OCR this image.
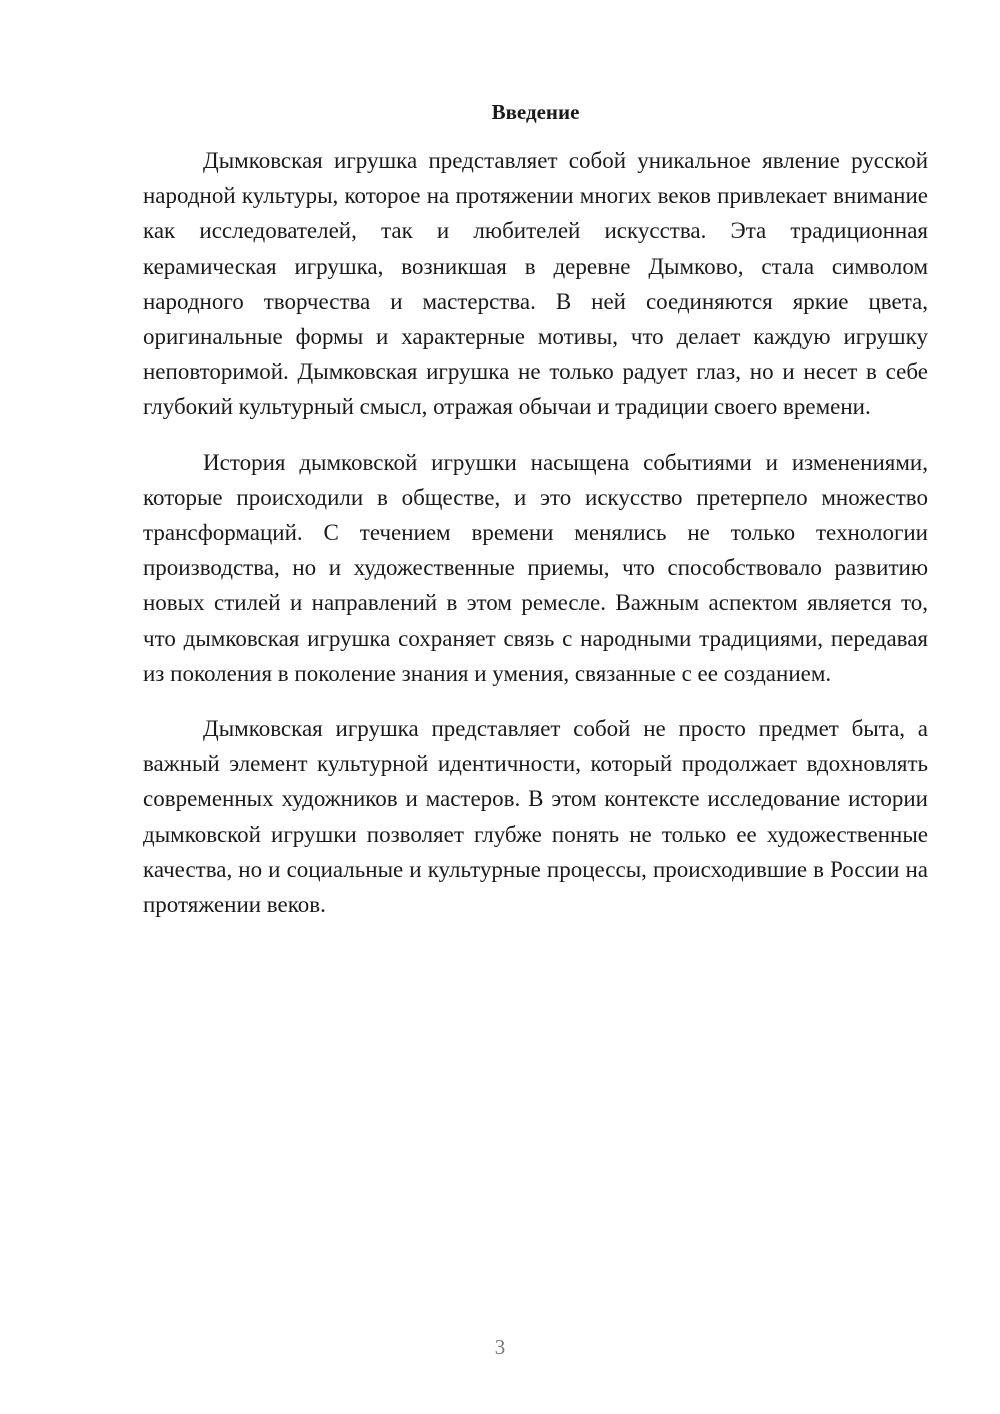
Введение

Дымковская игрушка представляет собой уникальное явление русской народной культуры, которое на протяжении многих веков привлекает внимание как исследователей, так и любителей искусства. Эта традиционная керамическая игрушка, возникшая в деревне Дымково, стала символом народного творчества и мастерства. В ней соединяются яркие цвета, оригинальные формы и характерные мотивы, что делает каждую игрушку неповторимой. Дымковская игрушка не только радует глаз, но и несет в себе глубокий культурный смысл, отражая обычаи и традиции своего времени.

История дымковской игрушки насыщена событиями и изменениями, которые происходили в обществе, и это искусство претерпело множество трансформаций. С течением времени менялись не только технологии производства, но и художественные приемы, что способствовало развитию новых стилей и направлений в этом ремесле. Важным аспектом является то, что дымковская игрушка сохраняет связь с народными традициями, передавая из поколения в поколение знания и умения, связанные с ее созданием.

Дымковская игрушка представляет собой не просто предмет быта, а важный элемент культурной идентичности, который продолжает вдохновлять современных художников и мастеров. В этом контексте исследование истории дымковской игрушки позволяет глубже понять не только ее художественные качества, но и социальные и культурные процессы, происходившие в России на протяжении веков.

3
